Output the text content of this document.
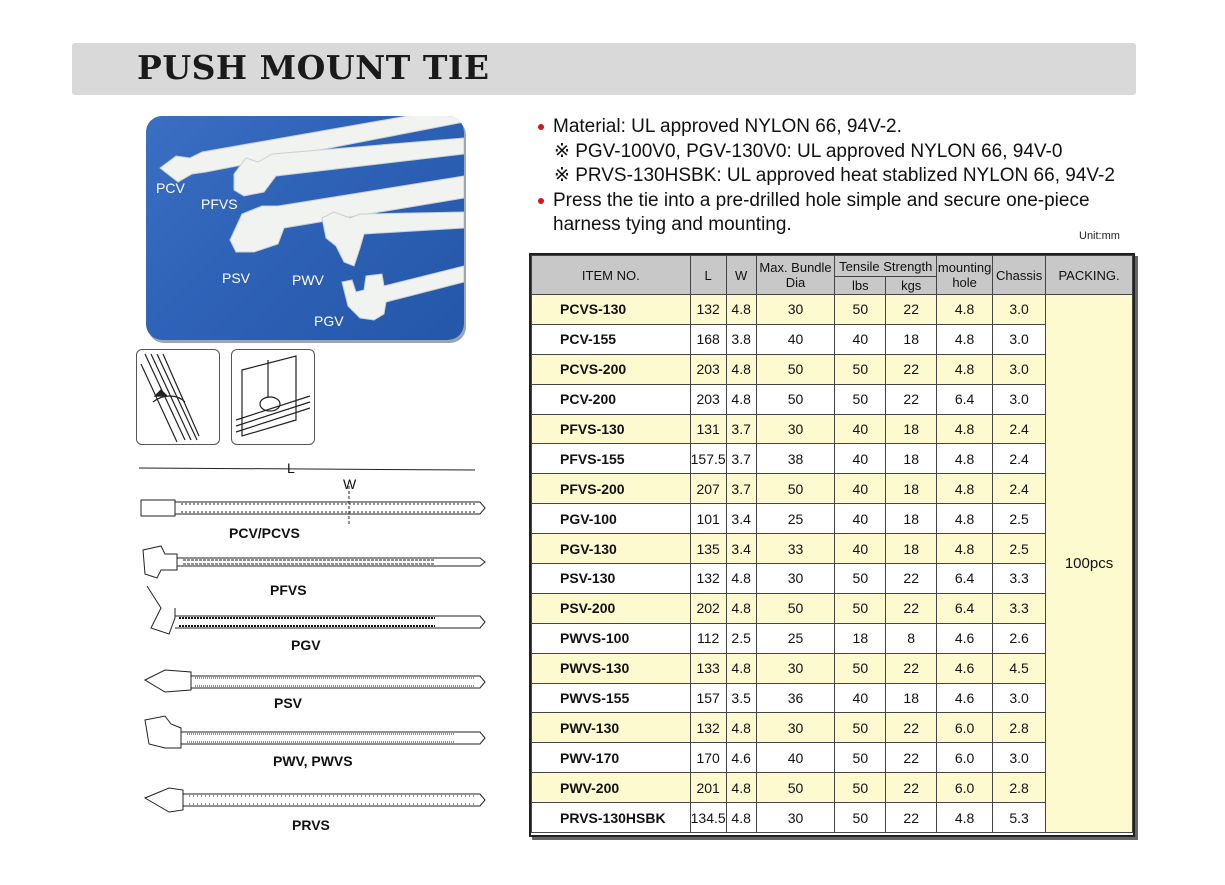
PUSH MOUNT TIE
PCV
PFVS
PSV	PWV
PGV
L
W
PCV/PCVS
PFVS
PGV
PSV
PWV, PWVS
PRVS
Material: UL approved NYLON 66, 94V-2.
※ PGV-100V0, PGV-130V0: UL approved NYLON 66, 94V-0
※ PRVS-130HSBK: UL approved heat stablized NYLON 66, 94V-2
Press the tie into a pre-drilled hole simple and secure one-piece
harness tying and mounting.
Unit:mm
ITEM NO.	L	W	Max. Bundle Dia	Tensile Strength		mounting hole	Chassis	PACKING.
				lbs	kgs			
PCVS-130	132	4.8	30	50	22	4.8	3.0	100pcs
PCV-155	168	3.8	40	40	18	4.8	3.0	
PCVS-200	203	4.8	50	50	22	4.8	3.0	
PCV-200	203	4.8	50	50	22	6.4	3.0	
PFVS-130	131	3.7	30	40	18	4.8	2.4	
PFVS-155	157.5	3.7	38	40	18	4.8	2.4	
PFVS-200	207	3.7	50	40	18	4.8	2.4	
PGV-100	101	3.4	25	40	18	4.8	2.5	
PGV-130	135	3.4	33	40	18	4.8	2.5	
PSV-130	132	4.8	30	50	22	6.4	3.3	
PSV-200	202	4.8	50	50	22	6.4	3.3	
PWVS-100	112	2.5	25	18	8	4.6	2.6	
PWVS-130	133	4.8	30	50	22	4.6	4.5	
PWVS-155	157	3.5	36	40	18	4.6	3.0	
PWV-130	132	4.8	30	50	22	6.0	2.8	
PWV-170	170	4.6	40	50	22	6.0	3.0	
PWV-200	201	4.8	50	50	22	6.0	2.8	
PRVS-130HSBK	134.5	4.8	30	50	22	4.8	5.3	
